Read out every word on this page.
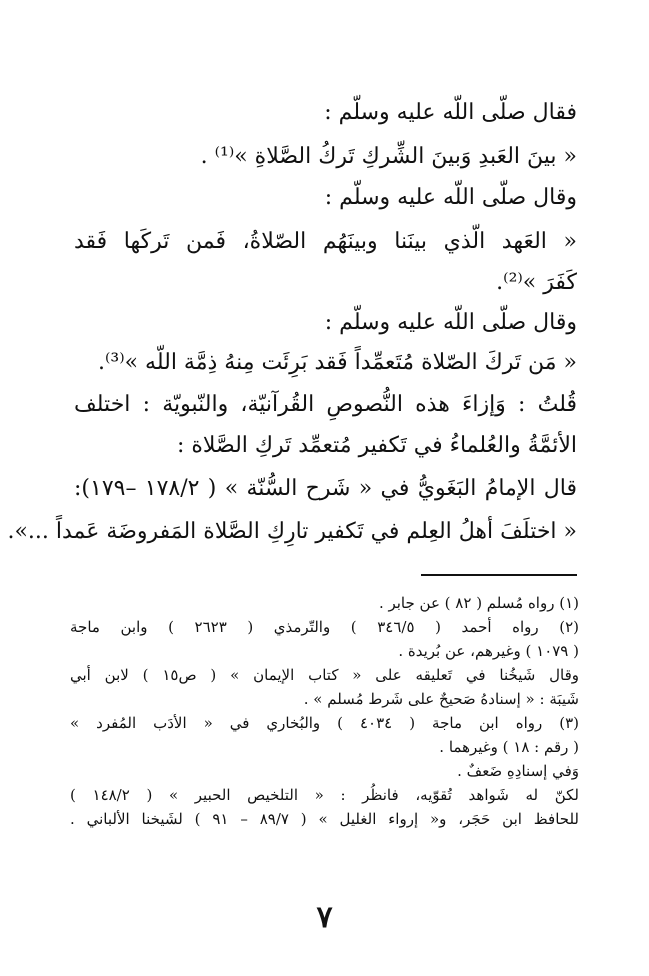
فقال صلّى اللّه عليه وسلّم :
« بينَ العَبدِ وَبينَ الشِّركِ تَركُ الصَّلاةِ »⁽¹⁾ .
وقال صلّى اللّه عليه وسلّم :
« العَهد الّذي بينَنا وبينَهُم الصّلاةُ، فَمن تَركَها فَقد
كَفَرَ »⁽²⁾.
وقال صلّى اللّه عليه وسلّم :
« مَن تَركَ الصّلاة مُتَعمِّداً فَقد بَرِئَت مِنهُ ذِمَّة اللّه »⁽³⁾.
قُلتُ : وَإزاءَ هذه النُّصوصِ القُرآنيّة، والنّبويّة : اختلف
الأئمَّةُ والعُلماءُ في تَكفير مُتعمِّد تَركِ الصَّلاة :
قال الإمامُ البَغَويُّ في « شَرح السُّنّة » ( ١٧٨/٢ –١٧٩):
« اختلَفَ أهلُ العِلم في تَكفير تارِكِ الصَّلاة المَفروضَة عَمداً ...».
(١) رواه مُسلم ( ٨٢ ) عن جابر .
(٢) رواه أحمد ( ٣٤٦/٥ ) والتّرمذي ( ٢٦٢٣ ) وابن ماجة
( ١٠٧٩ ) وغيرهم، عن بُريدة .
وقال شَيخُنا في تَعليقه على « كتاب الإيمان » ( ص١٥ ) لابن أبي
شَيبَة : « إسنادهُ صَحيحٌ على شَرط مُسلم » .
(٣) رواه ابن ماجة ( ٤٠٣٤ ) والبُخاري في « الأدَب المُفرد »
( رقم : ١٨ ) وغيرهما .
وَفي إسنادِهِ ضَعفٌ .
لكنّ له شَواهد تُقوّيه، فانظُر : « التلخيص الحبير » ( ١٤٨/٢ )
للحافظ ابن حَجَر، و« إرواء الغليل » ( ٨٩/٧ – ٩١ ) لشَيخنا الألباني .
٧
